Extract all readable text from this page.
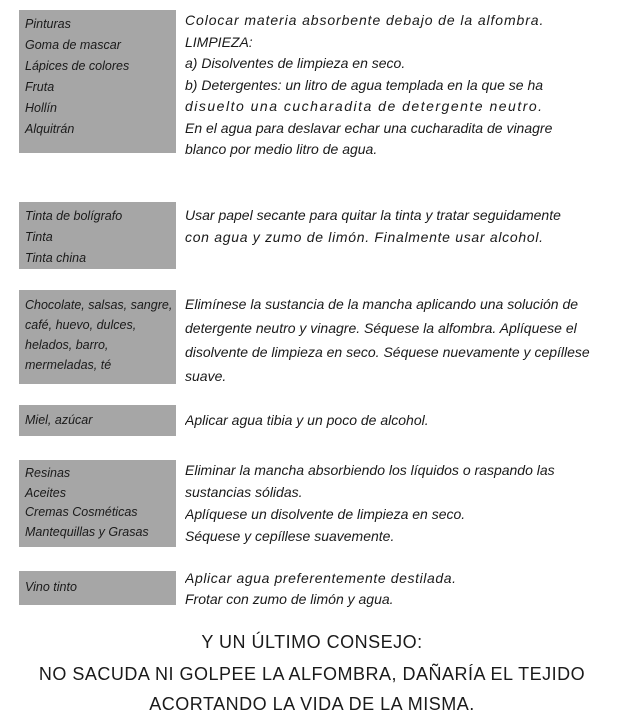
Pinturas
Goma de mascar
Lápices de colores
Fruta
Hollín
Alquitrán
Colocar materia absorbente debajo de la alfombra.
LIMPIEZA:
a) Disolventes de limpieza en seco.
b) Detergentes: un litro de agua templada en la que se ha
disuelto una cucharadita de detergente neutro.
En el agua para deslavar echar una cucharadita de vinagre
blanco por medio litro de agua.
Tinta de bolígrafo
Tinta
Tinta china
Usar papel secante para quitar la tinta y tratar seguidamente
con agua y zumo de limón. Finalmente usar alcohol.
Chocolate, salsas, sangre,
café, huevo, dulces,
helados, barro,
mermeladas, té
Elimínese la sustancia de la mancha aplicando una solución de
detergente neutro y vinagre. Séquese la alfombra. Aplíquese el
disolvente de limpieza en seco. Séquese nuevamente y cepíllese
suave.
Miel, azúcar	Aplicar agua tibia y un poco de alcohol.
Resinas
Aceites
Cremas Cosméticas
Mantequillas y Grasas
Eliminar la mancha absorbiendo los líquidos o raspando las
sustancias sólidas.
Aplíquese un disolvente de limpieza en seco.
Séquese y cepíllese suavemente.
Vino tinto
Aplicar agua preferentemente destilada.
Frotar con zumo de limón y agua.
Y UN ÚLTIMO CONSEJO:
NO SACUDA NI GOLPEE LA ALFOMBRA, DAÑARÍA EL TEJIDO
ACORTANDO LA VIDA DE LA MISMA.
